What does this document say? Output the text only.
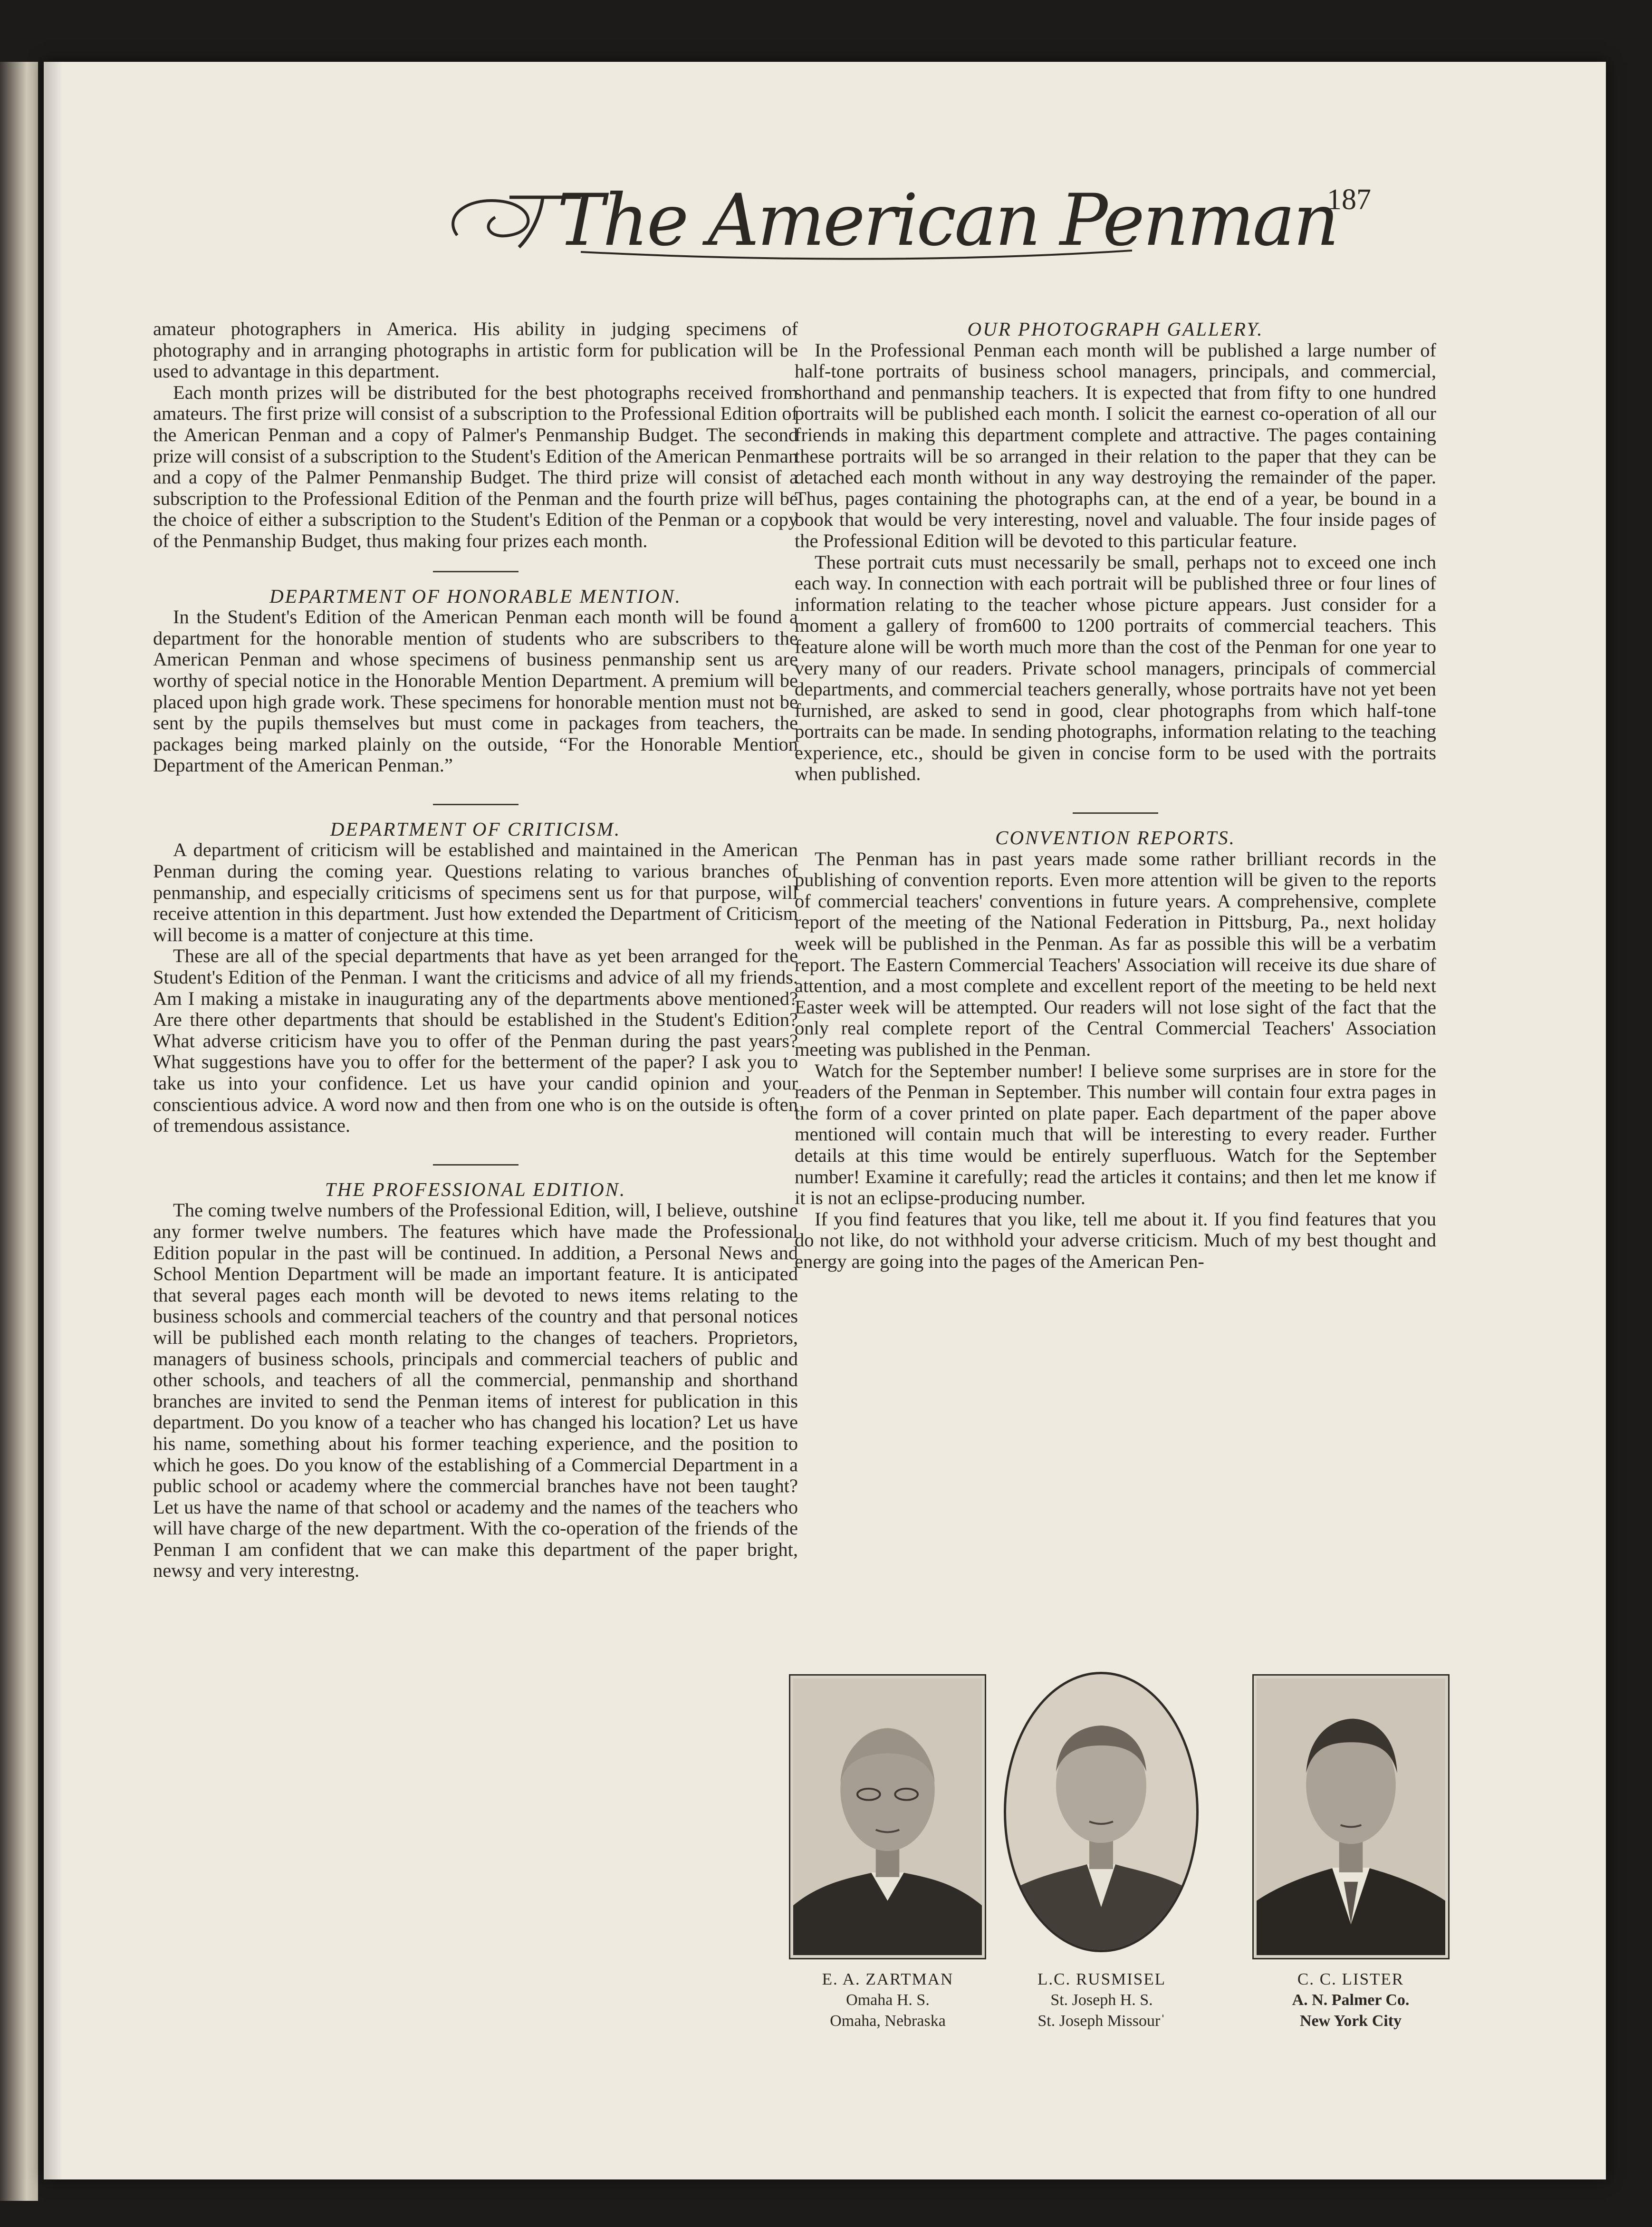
The American Penman
187

amateur photographers in America. His ability in judging specimens of photography and in arranging photographs in artistic form for publication will be used to advantage in this department.

Each month prizes will be distributed for the best photographs received from amateurs. The first prize will consist of a subscription to the Professional Edition of the American Penman and a copy of Palmer's Penmanship Budget. The second prize will consist of a subscription to the Student's Edition of the American Penman and a copy of the Palmer Penmanship Budget. The third prize will consist of a subscription to the Professional Edition of the Penman and the fourth prize will be the choice of either a subscription to the Student's Edition of the Penman or a copy of the Penmanship Budget, thus making four prizes each month.

DEPARTMENT OF HONORABLE MENTION.

In the Student's Edition of the American Penman each month will be found a department for the honorable mention of students who are subscribers to the American Penman and whose specimens of business penmanship sent us are worthy of special notice in the Honorable Mention Department. A premium will be placed upon high grade work. These specimens for honorable mention must not be sent by the pupils themselves but must come in packages from teachers, the packages being marked plainly on the outside, “For the Honorable Mention Department of the American Penman.”

DEPARTMENT OF CRITICISM.

A department of criticism will be established and maintained in the American Penman during the coming year. Questions relating to various branches of penmanship, and especially criticisms of specimens sent us for that purpose, will receive attention in this department. Just how extended the Department of Criticism will become is a matter of conjecture at this time.

These are all of the special departments that have as yet been arranged for the Student's Edition of the Penman. I want the criticisms and advice of all my friends. Am I making a mistake in inaugurating any of the departments above mentioned? Are there other departments that should be established in the Student's Edition? What adverse criticism have you to offer of the Penman during the past years? What suggestions have you to offer for the betterment of the paper? I ask you to take us into your confidence. Let us have your candid opinion and your conscientious advice. A word now and then from one who is on the outside is often of tremendous assistance.

THE PROFESSIONAL EDITION.

The coming twelve numbers of the Professional Edition, will, I believe, outshine any former twelve numbers. The features which have made the Professional Edition popular in the past will be continued. In addition, a Personal News and School Mention Department will be made an important feature. It is anticipated that several pages each month will be devoted to news items relating to the business schools and commercial teachers of the country and that personal notices will be published each month relating to the changes of teachers. Proprietors, managers of business schools, principals and commercial teachers of public and other schools, and teachers of all the commercial, penmanship and shorthand branches are invited to send the Penman items of interest for publication in this department. Do you know of a teacher who has changed his location? Let us have his name, something about his former teaching experience, and the position to which he goes. Do you know of the establishing of a Commercial Department in a public school or academy where the commercial branches have not been taught? Let us have the name of that school or academy and the names of the teachers who will have charge of the new department. With the co-operation of the friends of the Penman I am confident that we can make this department of the paper bright, newsy and very interestng.

OUR PHOTOGRAPH GALLERY.

In the Professional Penman each month will be published a large number of half-tone portraits of business school managers, principals, and commercial, shorthand and penmanship teachers. It is expected that from fifty to one hundred portraits will be published each month. I solicit the earnest co-operation of all our friends in making this department complete and attractive. The pages containing these portraits will be so arranged in their relation to the paper that they can be detached each month without in any way destroying the remainder of the paper. Thus, pages containing the photographs can, at the end of a year, be bound in a book that would be very interesting, novel and valuable. The four inside pages of the Professional Edition will be devoted to this particular feature.

These portrait cuts must necessarily be small, perhaps not to exceed one inch each way. In connection with each portrait will be published three or four lines of information relating to the teacher whose picture appears. Just consider for a moment a gallery of from600 to 1200 portraits of commercial teachers. This feature alone will be worth much more than the cost of the Penman for one year to very many of our readers. Private school managers, principals of commercial departments, and commercial teachers generally, whose portraits have not yet been furnished, are asked to send in good, clear photographs from which half-tone portraits can be made. In sending photographs, information relating to the teaching experience, etc., should be given in concise form to be used with the portraits when published.

CONVENTION REPORTS.

The Penman has in past years made some rather brilliant records in the publishing of convention reports. Even more attention will be given to the reports of commercial teachers' conventions in future years. A comprehensive, complete report of the meeting of the National Federation in Pittsburg, Pa., next holiday week will be published in the Penman. As far as possible this will be a verbatim report. The Eastern Commercial Teachers' Association will receive its due share of attention, and a most complete and excellent report of the meeting to be held next Easter week will be attempted. Our readers will not lose sight of the fact that the only real complete report of the Central Commercial Teachers' Association meeting was published in the Penman.

Watch for the September number! I believe some surprises are in store for the readers of the Penman in September. This number will contain four extra pages in the form of a cover printed on plate paper. Each department of the paper above mentioned will contain much that will be interesting to every reader. Further details at this time would be entirely superfluous. Watch for the September number! Examine it carefully; read the articles it contains; and then let me know if it is not an eclipse-producing number.

If you find features that you like, tell me about it. If you find features that you do not like, do not withhold your adverse criticism. Much of my best thought and energy are going into the pages of the American Pen-

E. A. ZARTMAN
Omaha H. S.
Omaha, Nebraska
L.C. RUSMISEL
St. Joseph H. S.
St. Joseph Missourˈ
C. C. LISTER
A. N. Palmer Co.
New York City
